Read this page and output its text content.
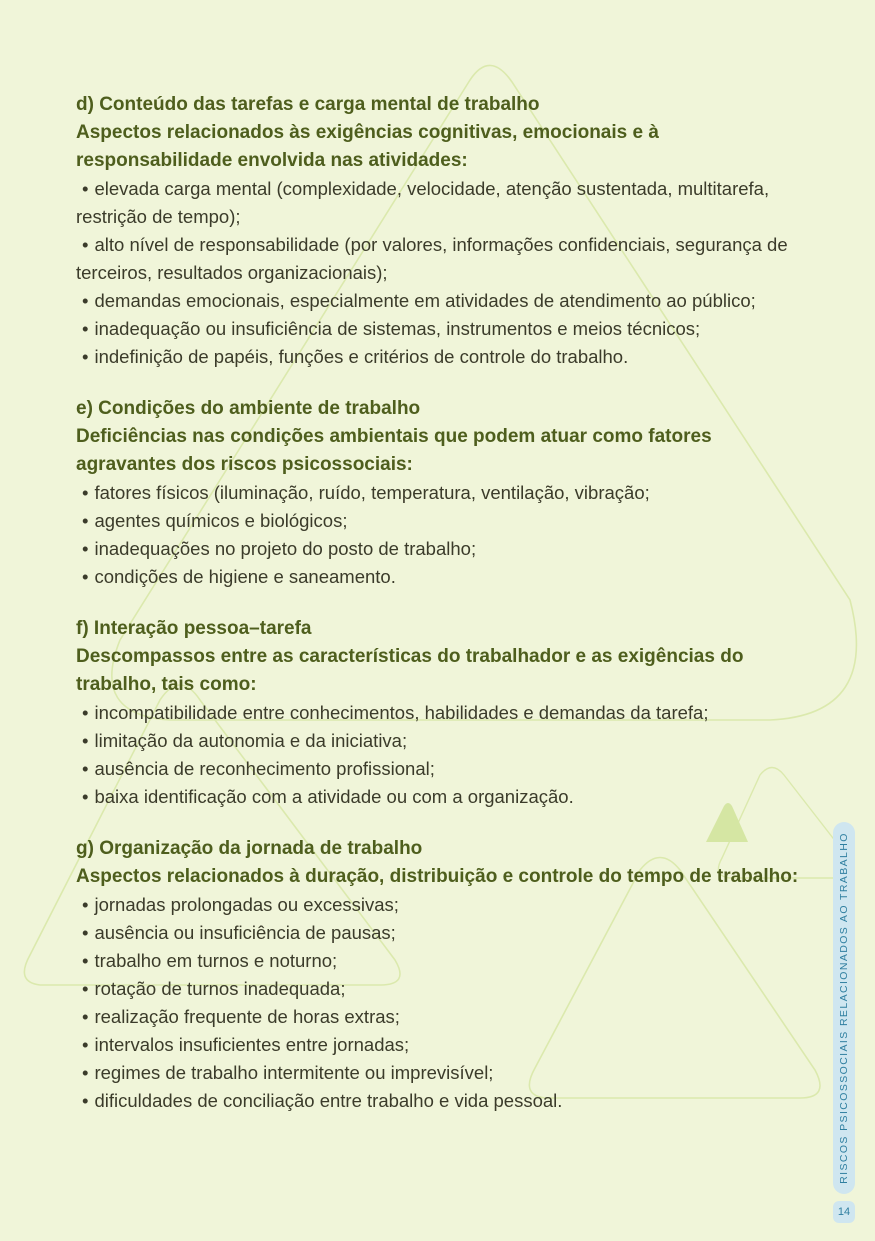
d) Conteúdo das tarefas e carga mental de trabalho

Aspectos relacionados às exigências cognitivas, emocionais e à responsabilidade envolvida nas atividades:

• elevada carga mental (complexidade, velocidade, atenção sustentada, multitarefa, restrição de tempo);
• alto nível de responsabilidade (por valores, informações confidenciais, segurança de terceiros, resultados organizacionais);
• demandas emocionais, especialmente em atividades de atendimento ao público;
• inadequação ou insuficiência de sistemas, instrumentos e meios técnicos;
• indefinição de papéis, funções e critérios de controle do trabalho.

e) Condições do ambiente de trabalho

Deficiências nas condições ambientais que podem atuar como fatores agravantes dos riscos psicossociais:

• fatores físicos (iluminação, ruído, temperatura, ventilação, vibração;
• agentes químicos e biológicos;
• inadequações no projeto do posto de trabalho;
• condições de higiene e saneamento.

f) Interação pessoa–tarefa

Descompassos entre as características do trabalhador e as exigências do trabalho, tais como:

• incompatibilidade entre conhecimentos, habilidades e demandas da tarefa;
• limitação da autonomia e da iniciativa;
• ausência de reconhecimento profissional;
• baixa identificação com a atividade ou com a organização.

g) Organização da jornada de trabalho

Aspectos relacionados à duração, distribuição e controle do tempo de trabalho:

• jornadas prolongadas ou excessivas;
• ausência ou insuficiência de pausas;
• trabalho em turnos e noturno;
• rotação de turnos inadequada;
• realização frequente de horas extras;
• intervalos insuficientes entre jornadas;
• regimes de trabalho intermitente ou imprevisível;
• dificuldades de conciliação entre trabalho e vida pessoal.	RISCOS PSICOSSOCIAIS RELACIONADOS AO TRABALHO
14
